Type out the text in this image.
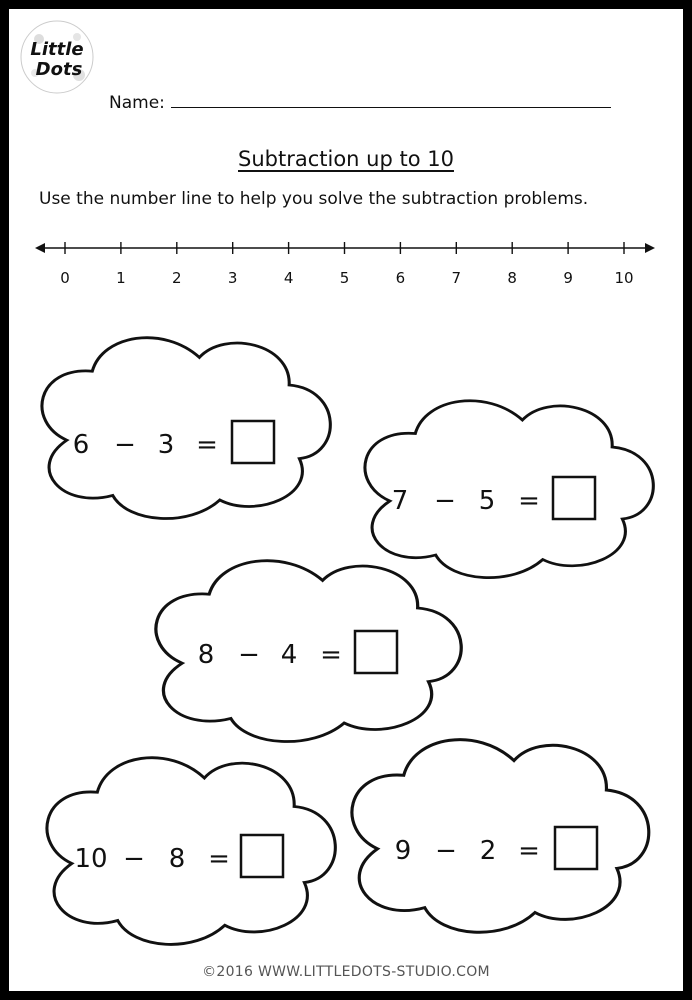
Little
Dots
Name:
Subtraction up to 10
Use the number line to help you solve the subtraction problems.
0	1	2	3	4	5	6	7	8	9	10
6 − 3 =
7 − 5 =
8 − 4 =
10 − 8 =	9 − 2 =
©2016 WWW.LITTLEDOTS-STUDIO.COM
